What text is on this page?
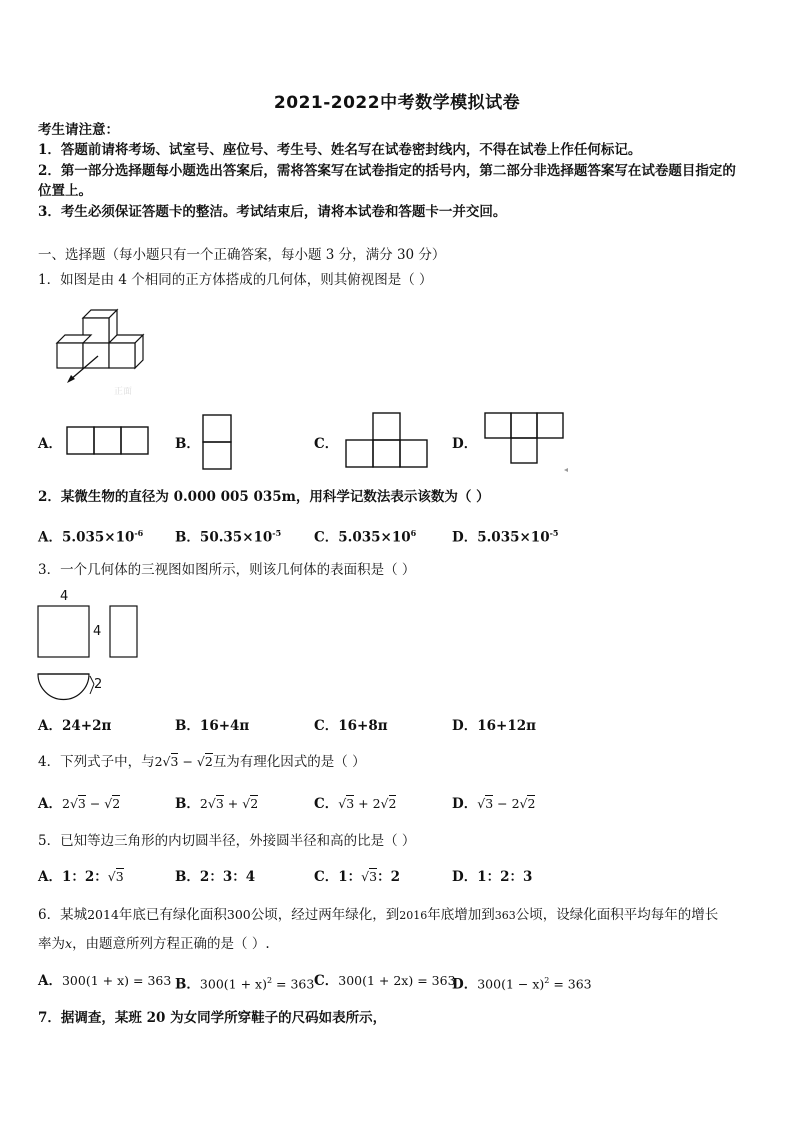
2021-2022中考数学模拟试卷
考生请注意：
1．答题前请将考场、试室号、座位号、考生号、姓名写在试卷密封线内，不得在试卷上作任何标记。
2．第一部分选择题每小题选出答案后，需将答案写在试卷指定的括号内，第二部分非选择题答案写在试卷题目指定的
位置上。
3．考生必须保证答题卡的整洁。考试结束后，请将本试卷和答题卡一并交回。
一、选择题（每小题只有一个正确答案，每小题 3 分，满分 30 分）
1．如图是由 4 个相同的正方体搭成的几何体，则其俯视图是（ ）
正面
A．	B．	C．	D．
2．某微生物的直径为 0.000 005 035m，用科学记数法表示该数为（ ）
A．$5.035\times 10^{-6}$ B．$50.35\times 10^{-5}$ C．$5.035\times 10^6$	D．$5.035\times 10^{-5}$
3．一个几何体的三视图如图所示，则该几何体的表面积是（ ）
4
4
2
A．24+2π	B．16+4π	C．16+8π	D．16+12π
4．下列式子中，与2√3 − √2互为有理化因式的是（ ）
A．2√3 − √2	B．2√3 + √2	C．√3 + 2√2	D．√3 − 2√2
5．已知等边三角形的内切圆半径，外接圆半径和高的比是（ ）
A．1：2：√3	B．2：3：4	C．1：√3：2	D．1：2：3
6．某城2014年底已有绿化面积300公顷，经过两年绿化，到2016年底增加到363公顷，设绿化面积平均每年的增长
率为x，由题意所列方程正确的是（ ）.
A．300(1 + x) = 363 B．$300(1 + x)^2 = 363$ C．300(1 + 2x) = 363
D．$300(1 - x)^2 = 363$
7．据调查，某班 20 为女同学所穿鞋子的尺码如表所示，
